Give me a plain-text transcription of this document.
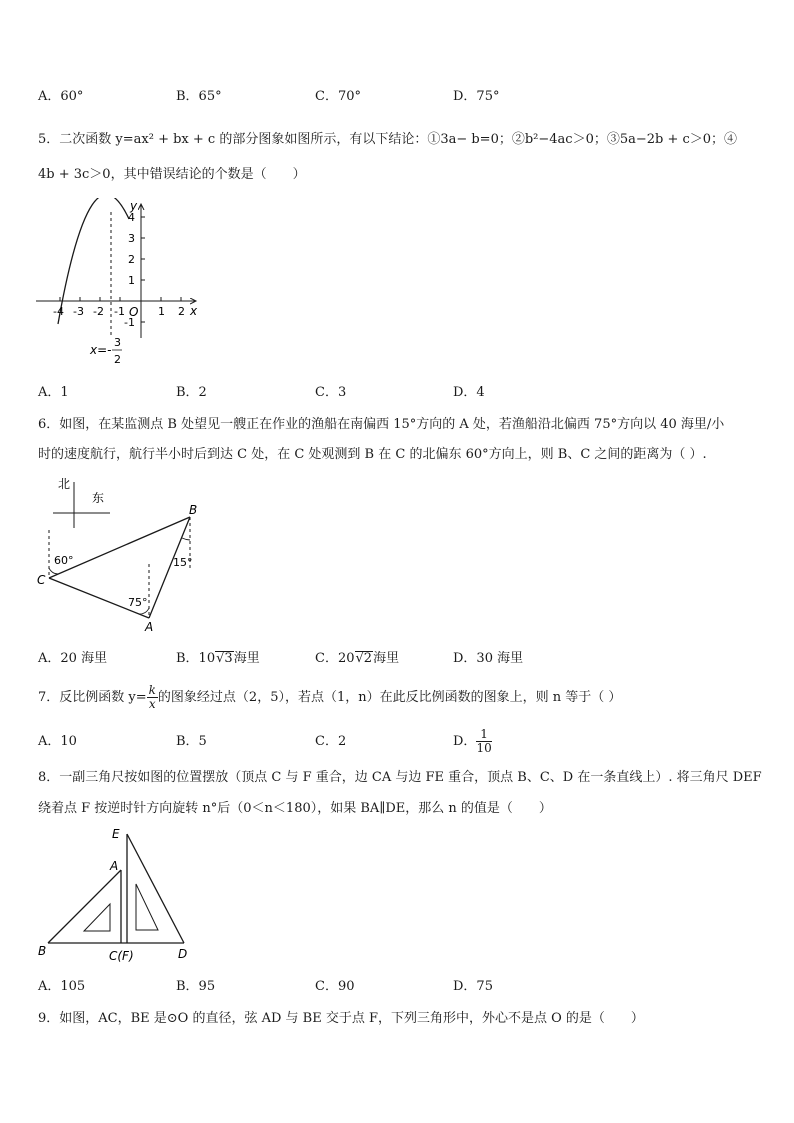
A．60°	B．65°	C．70°	D．75°
5．二次函数 y=ax² + bx + c 的部分图象如图所示，有以下结论：①3a− b=0；②b²−4ac＞0；③5a−2b + c＞0；④
4b + 3c＞0，其中错误结论的个数是（　　）
y
x
O
4
3
2
1
-1
-4 -3 -2 -1	1 2
x=-
3
2
A．1	B．2	C．3	D．4
6．如图，在某监测点 B 处望见一艘正在作业的渔船在南偏西 15°方向的 A 处，若渔船沿北偏西 75°方向以 40 海里/小
时的速度航行，航行半小时后到达 C 处，在 C 处观测到 B 在 C 的北偏东 60°方向上，则 B、C 之间的距离为（ ）.
北
东
B
C
A
60°
75°
15°
A．20 海里	B．10√3海里	C．20√2海里	D．30 海里
7．反比例函数 $y= \frac{k}{x}$ 的图象经过点（2，5），若点（1，n）在此反比例函数的图象上，则 n 等于（ ）
A．10	B．5	C．2	D． $\frac{1}{10}$
8．一副三角尺按如图的位置摆放（顶点 C 与 F 重合，边 CA 与边 FE 重合，顶点 B、C、D 在一条直线上）. 将三角尺 DEF
绕着点 F 按逆时针方向旋转 n°后（0＜n＜180），如果 BA∥DE，那么 n 的值是（　　）
E
A
B	C(F)	D
A．105	B．95	C．90	D．75
9．如图，AC，BE 是⊙O 的直径，弦 AD 与 BE 交于点 F，下列三角形中，外心不是点 O 的是（　　）
